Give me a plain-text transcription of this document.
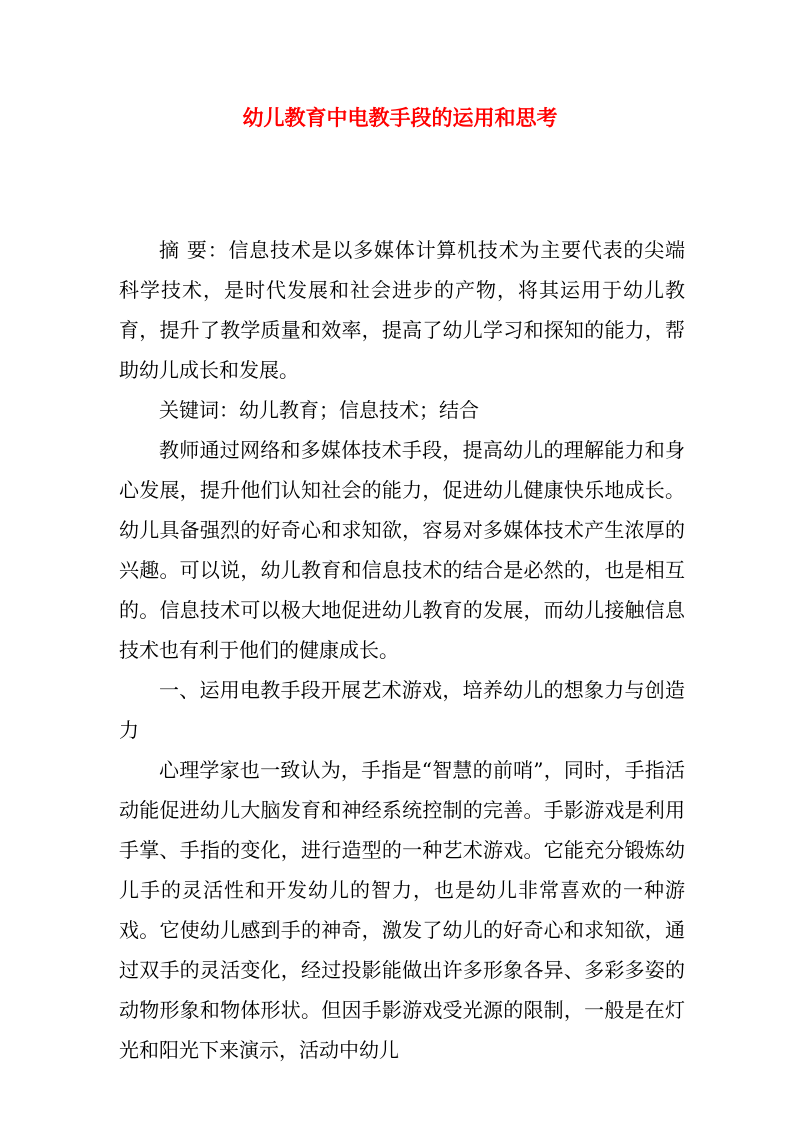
幼儿教育中电教手段的运用和思考

摘 要：信息技术是以多媒体计算机技术为主要代表的尖端科学技术，是时代发展和社会进步的产物，将其运用于幼儿教育，提升了教学质量和效率，提高了幼儿学习和探知的能力，帮助幼儿成长和发展。

关键词：幼儿教育；信息技术；结合

教师通过网络和多媒体技术手段，提高幼儿的理解能力和身心发展，提升他们认知社会的能力，促进幼儿健康快乐地成长。幼儿具备强烈的好奇心和求知欲，容易对多媒体技术产生浓厚的兴趣。可以说，幼儿教育和信息技术的结合是必然的，也是相互的。信息技术可以极大地促进幼儿教育的发展，而幼儿接触信息技术也有利于他们的健康成长。

一、运用电教手段开展艺术游戏，培养幼儿的想象力与创造力

心理学家也一致认为，手指是“智慧的前哨”，同时，手指活动能促进幼儿大脑发育和神经系统控制的完善。手影游戏是利用手掌、手指的变化，进行造型的一种艺术游戏。它能充分锻炼幼儿手的灵活性和开发幼儿的智力，也是幼儿非常喜欢的一种游戏。它使幼儿感到手的神奇，激发了幼儿的好奇心和求知欲，通过双手的灵活变化，经过投影能做出许多形象各异、多彩多姿的动物形象和物体形状。但因手影游戏受光源的限制，一般是在灯光和阳光下来演示，活动中幼儿
